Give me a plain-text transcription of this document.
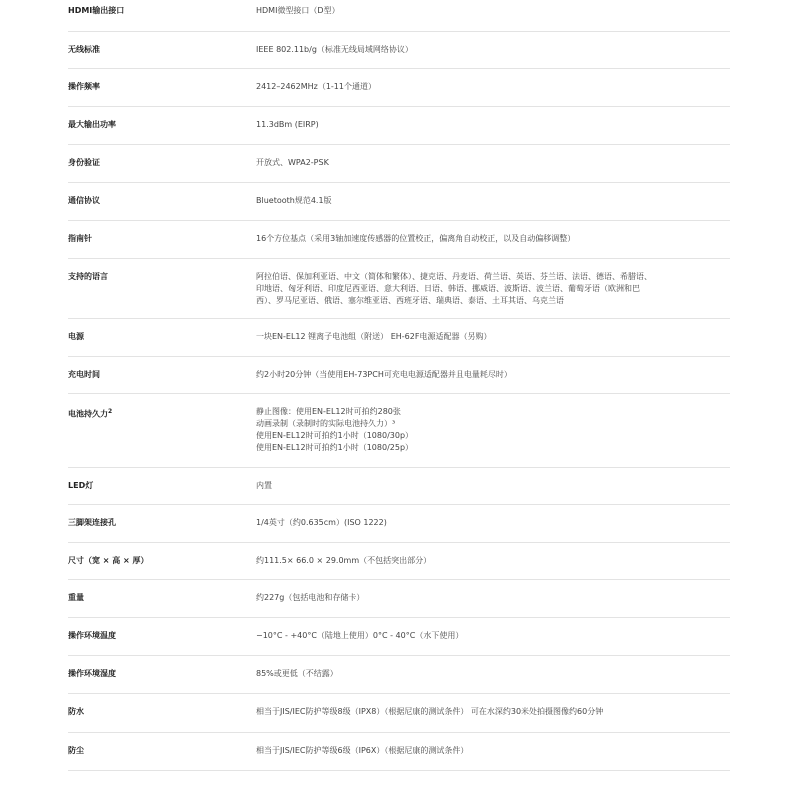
HDMI输出接口	HDMI微型接口（D型）
无线标准	IEEE 802.11b/g（标准无线局域网络协议）
操作频率	2412–2462MHz（1-11个通道）
最大输出功率	11.3dBm (EIRP)
身份验证	开放式、WPA2-PSK
通信协议	Bluetooth规范4.1版
指南针	16个方位基点（采用3轴加速度传感器的位置校正，偏离角自动校正，以及自动偏移调整）
支持的语言	阿拉伯语、保加利亚语、中文（简体和繁体）、捷克语、丹麦语、荷兰语、英语、芬兰语、法语、德语、希腊语、
印地语、匈牙利语、印度尼西亚语、意大利语、日语、韩语、挪威语、波斯语、波兰语、葡萄牙语（欧洲和巴
西）、罗马尼亚语、俄语、塞尔维亚语、西班牙语、瑞典语、泰语、土耳其语、乌克兰语
电源	一块EN-EL12 锂离子电池组（附送） EH-62F电源适配器（另购）
充电时间	约2小时20分钟（当使用EH-73PCH可充电电源适配器并且电量耗尽时）
电池持久力$^2$	静止图像：使用EN-EL12时可拍约280张
动画录制（录制时的实际电池持久力）³
使用EN-EL12时可拍约1小时（1080/30p）
使用EN-EL12时可拍约1小时（1080/25p）
LED灯	内置
三脚架连接孔	1/4英寸（约0.635cm）(ISO 1222)
尺寸（宽 × 高 × 厚）	约111.5× 66.0 × 29.0mm（不包括突出部分）
重量	约227g（包括电池和存储卡）
操作环境温度	−10°C - +40°C（陆地上使用）0°C - 40°C（水下使用）
操作环境湿度	85%或更低（不结露）
防水	相当于JIS/IEC防护等级8级（IPX8）（根据尼康的测试条件） 可在水深约30米处拍摄图像约60分钟
防尘	相当于JIS/IEC防护等级6级（IP6X）（根据尼康的测试条件）
